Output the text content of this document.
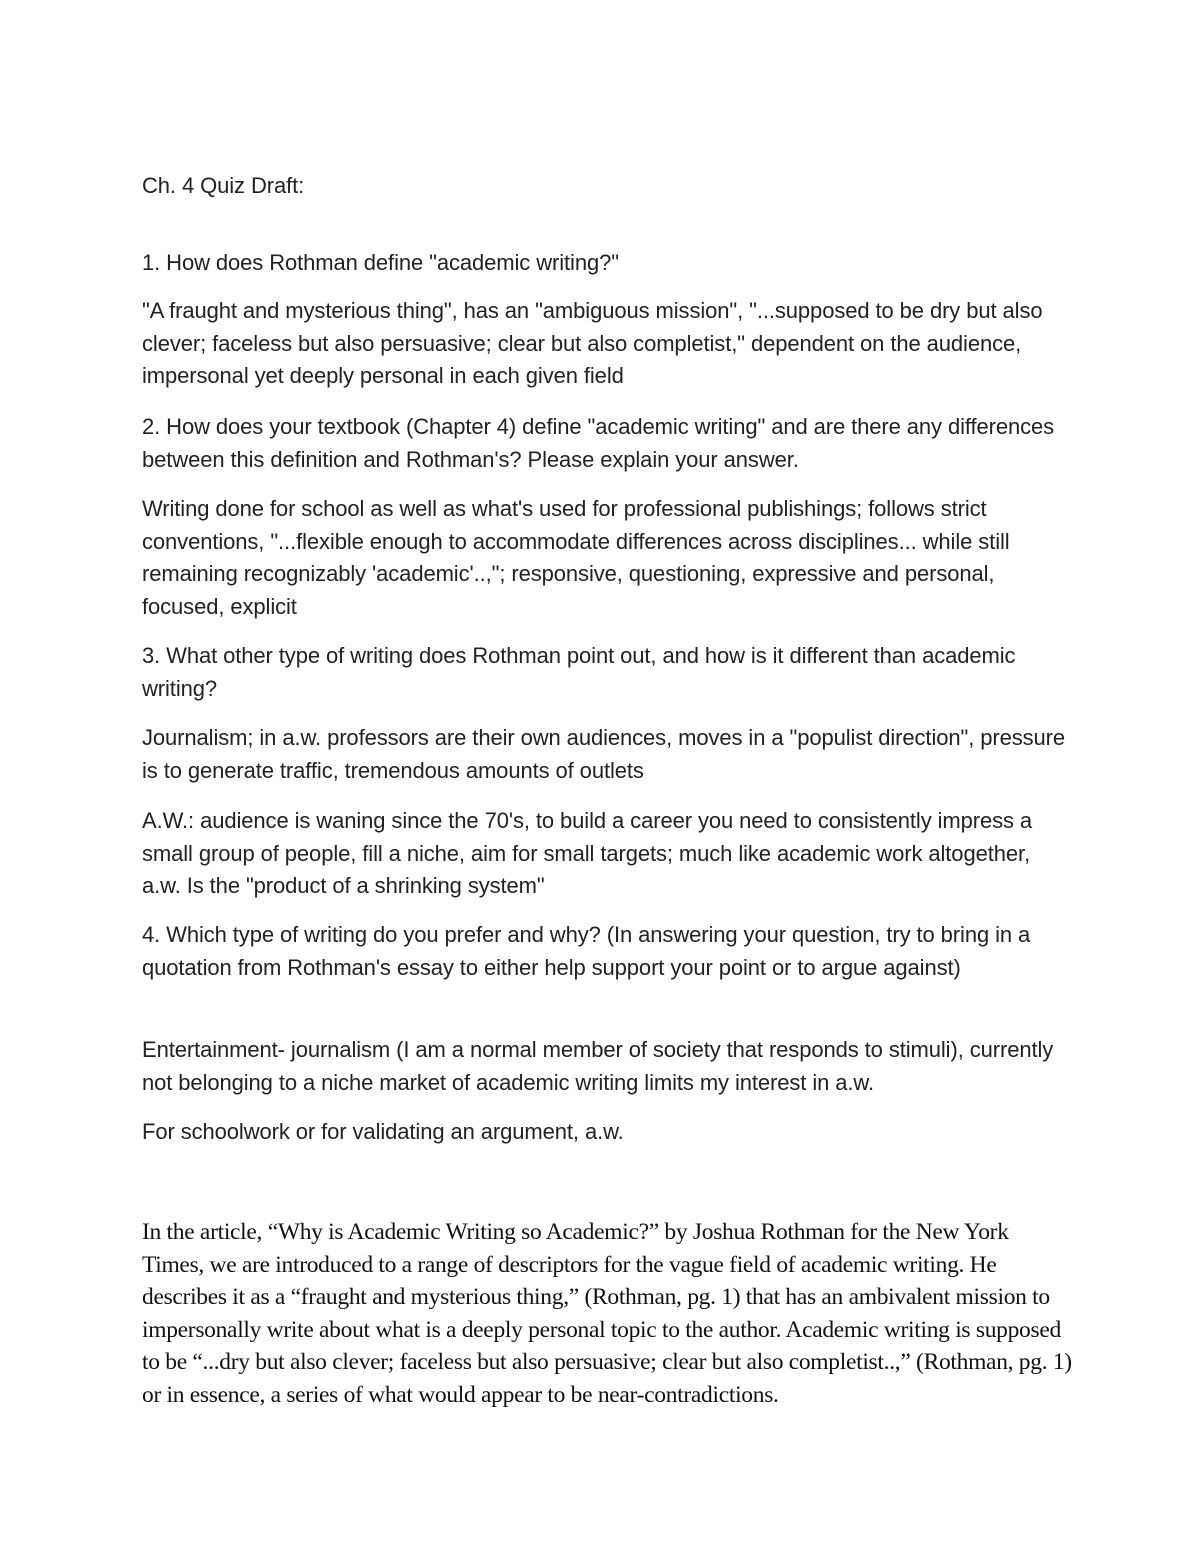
Ch. 4 Quiz Draft:

1. How does Rothman define "academic writing?"

"A fraught and mysterious thing", has an "ambiguous mission", "...supposed to be dry but also clever; faceless but also persuasive; clear but also completist," dependent on the audience, impersonal yet deeply personal in each given field

2. How does your textbook (Chapter 4) define "academic writing" and are there any differences between this definition and Rothman's? Please explain your answer.

Writing done for school as well as what's used for professional publishings; follows strict conventions, "...flexible enough to accommodate differences across disciplines... while still remaining recognizably 'academic'..,"; responsive, questioning, expressive and personal, focused, explicit

3. What other type of writing does Rothman point out, and how is it different than academic writing?

Journalism; in a.w. professors are their own audiences, moves in a "populist direction", pressure is to generate traffic, tremendous amounts of outlets

A.W.: audience is waning since the 70's, to build a career you need to consistently impress a small group of people, fill a niche, aim for small targets; much like academic work altogether, a.w. Is the "product of a shrinking system"

4. Which type of writing do you prefer and why? (In answering your question, try to bring in a quotation from Rothman's essay to either help support your point or to argue against)

Entertainment- journalism (I am a normal member of society that responds to stimuli), currently not belonging to a niche market of academic writing limits my interest in a.w.

For schoolwork or for validating an argument, a.w.

In the article, “Why is Academic Writing so Academic?” by Joshua Rothman for the New York Times, we are introduced to a range of descriptors for the vague field of academic writing. He describes it as a “fraught and mysterious thing,” (Rothman, pg. 1) that has an ambivalent mission to impersonally write about what is a deeply personal topic to the author. Academic writing is supposed to be “...dry but also clever; faceless but also persuasive; clear but also completist..,” (Rothman, pg. 1) or in essence, a series of what would appear to be near-contradictions.
